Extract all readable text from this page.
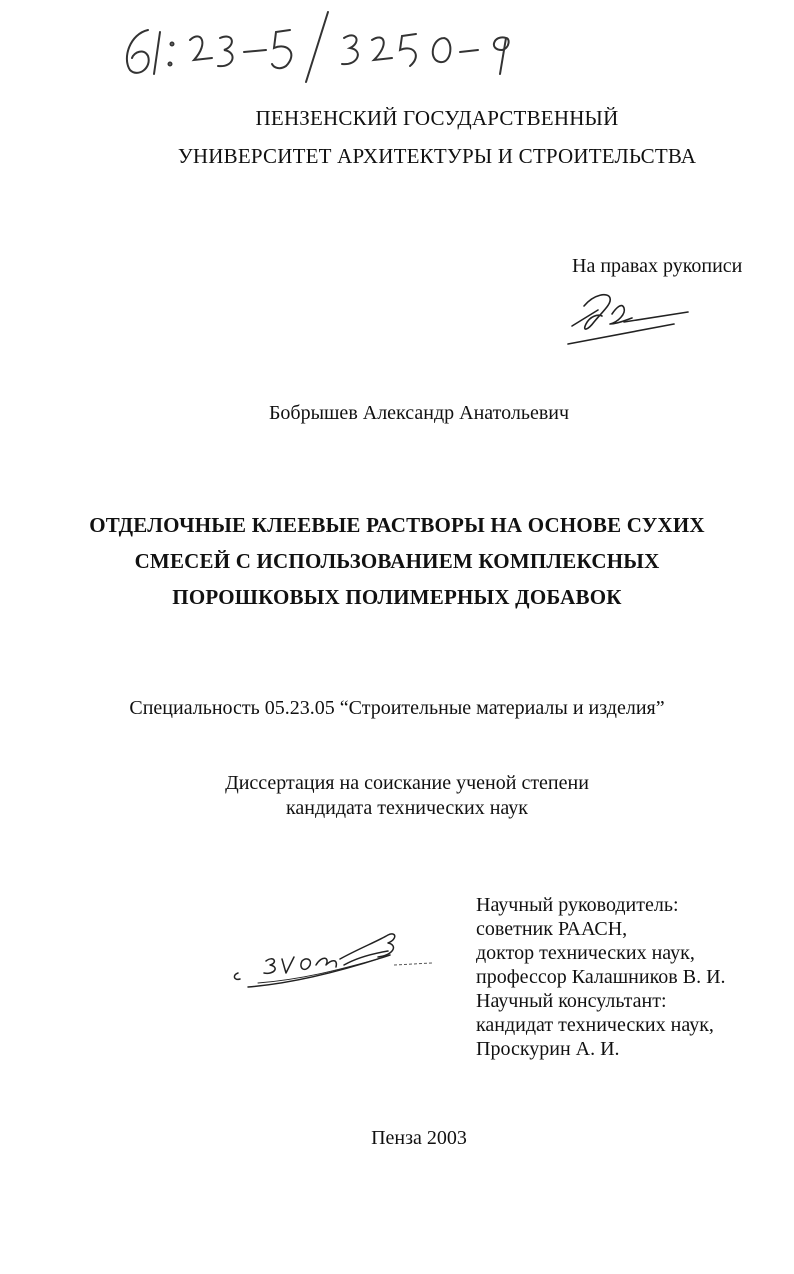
ПЕНЗЕНСКИЙ ГОСУДАРСТВЕННЫЙ
УНИВЕРСИТЕТ АРХИТЕКТУРЫ И СТРОИТЕЛЬСТВА
На правах рукописи
Бобрышев Александр Анатольевич
ОТДЕЛОЧНЫЕ КЛЕЕВЫЕ РАСТВОРЫ НА ОСНОВЕ СУХИХ
СМЕСЕЙ С ИСПОЛЬЗОВАНИЕМ КОМПЛЕКСНЫХ
ПОРОШКОВЫХ ПОЛИМЕРНЫХ ДОБАВОК
Специальность 05.23.05 “Строительные материалы и изделия”
Диссертация на соискание ученой степени
кандидата технических наук
Научный руководитель:
советник РААСН,
доктор технических наук,
профессор Калашников В. И.
Научный консультант:
кандидат технических наук,
Проскурин А. И.
Пенза 2003
